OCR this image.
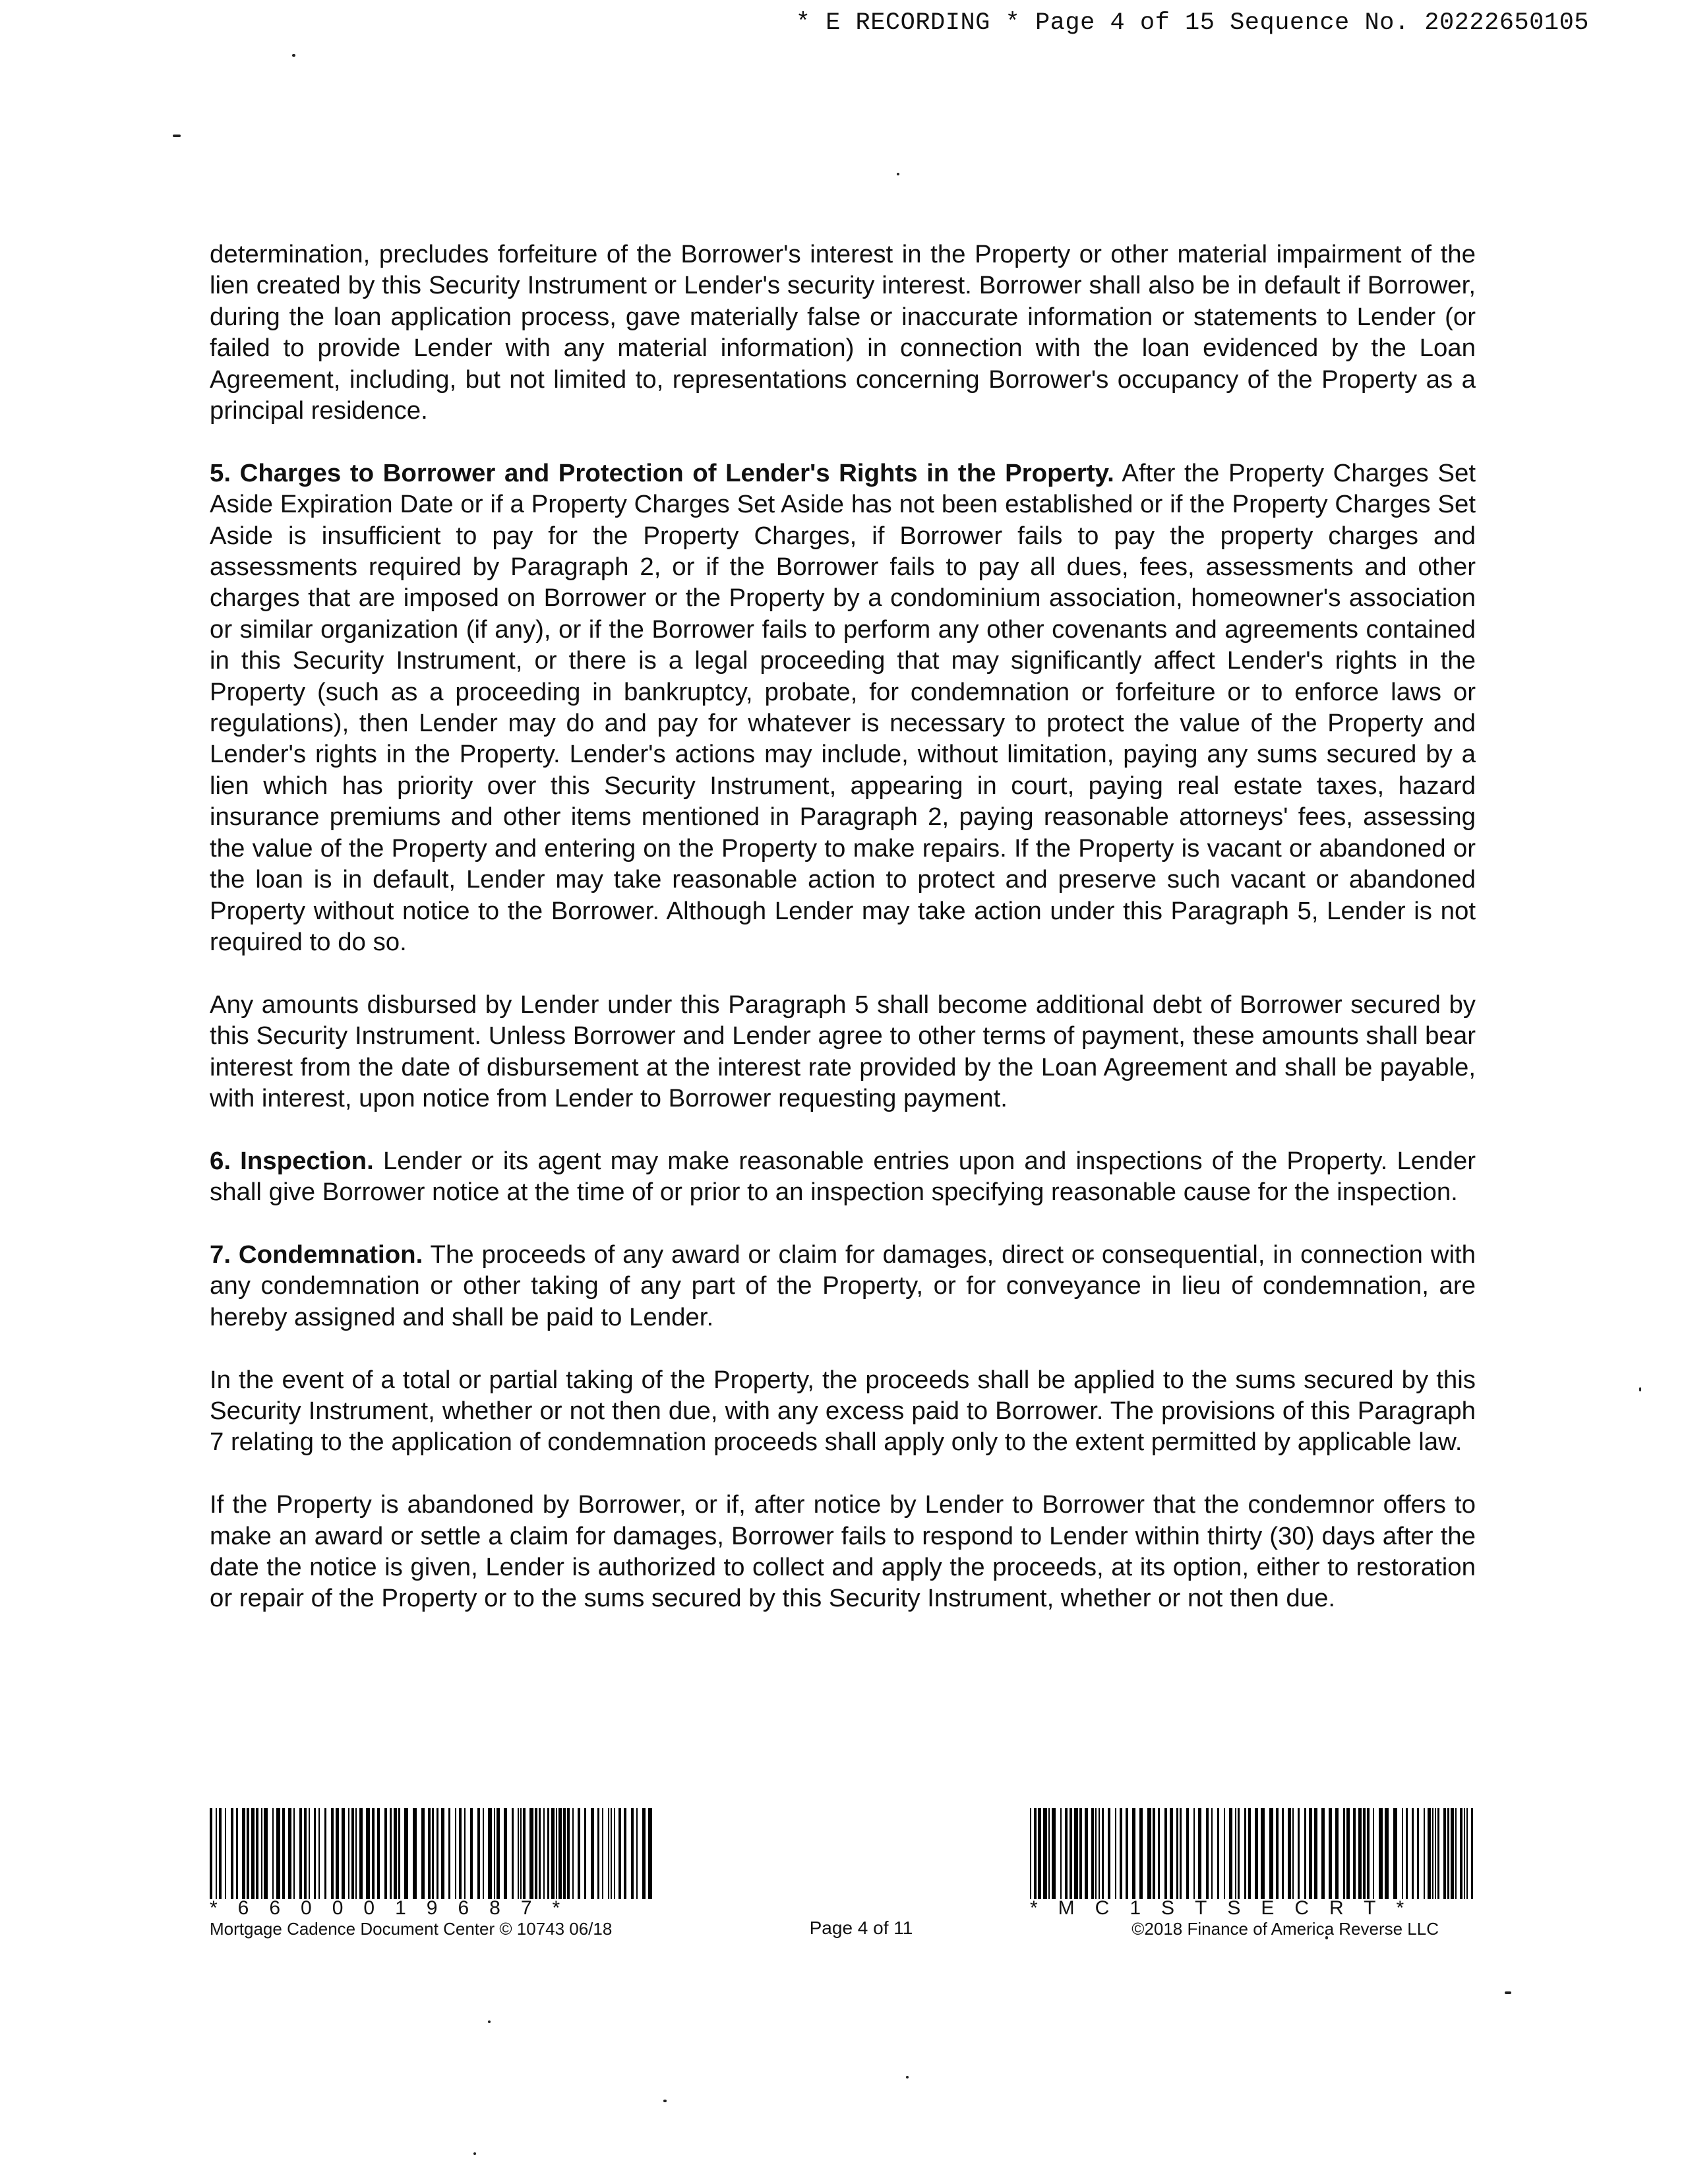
* E RECORDING * Page 4 of 15 Sequence No. 20222650105

determination, precludes forfeiture of the Borrower's interest in the Property or other material impairment of the lien created by this Security Instrument or Lender's security interest. Borrower shall also be in default if Borrower, during the loan application process, gave materially false or inaccurate information or statements to Lender (or failed to provide Lender with any material information) in connection with the loan evidenced by the Loan Agreement, including, but not limited to, representations concerning Borrower's occupancy of the Property as a principal residence.

5. Charges to Borrower and Protection of Lender's Rights in the Property. After the Property Charges Set Aside Expiration Date or if a Property Charges Set Aside has not been established or if the Property Charges Set Aside is insufficient to pay for the Property Charges, if Borrower fails to pay the property charges and assessments required by Paragraph 2, or if the Borrower fails to pay all dues, fees, assessments and other charges that are imposed on Borrower or the Property by a condominium association, homeowner's association or similar organization (if any), or if the Borrower fails to perform any other covenants and agreements contained in this Security Instrument, or there is a legal proceeding that may significantly affect Lender's rights in the Property (such as a proceeding in bankruptcy, probate, for condemnation or forfeiture or to enforce laws or regulations), then Lender may do and pay for whatever is necessary to protect the value of the Property and Lender's rights in the Property. Lender's actions may include, without limitation, paying any sums secured by a lien which has priority over this Security Instrument, appearing in court, paying real estate taxes, hazard insurance premiums and other items mentioned in Paragraph 2, paying reasonable attorneys' fees, assessing the value of the Property and entering on the Property to make repairs. If the Property is vacant or abandoned or the loan is in default, Lender may take reasonable action to protect and preserve such vacant or abandoned Property without notice to the Borrower. Although Lender may take action under this Paragraph 5, Lender is not required to do so.

Any amounts disbursed by Lender under this Paragraph 5 shall become additional debt of Borrower secured by this Security Instrument. Unless Borrower and Lender agree to other terms of payment, these amounts shall bear interest from the date of disbursement at the interest rate provided by the Loan Agreement and shall be payable, with interest, upon notice from Lender to Borrower requesting payment.

6. Inspection. Lender or its agent may make reasonable entries upon and inspections of the Property. Lender shall give Borrower notice at the time of or prior to an inspection specifying reasonable cause for the inspection.

7. Condemnation. The proceeds of any award or claim for damages, direct or consequential, in connection with any condemnation or other taking of any part of the Property, or for conveyance in lieu of condemnation, are hereby assigned and shall be paid to Lender.

In the event of a total or partial taking of the Property, the proceeds shall be applied to the sums secured by this Security Instrument, whether or not then due, with any excess paid to Borrower. The provisions of this Paragraph 7 relating to the application of condemnation proceeds shall apply only to the extent permitted by applicable law.

If the Property is abandoned by Borrower, or if, after notice by Lender to Borrower that the condemnor offers to make an award or settle a claim for damages, Borrower fails to respond to Lender within thirty (30) days after the date the notice is given, Lender is authorized to collect and apply the proceeds, at its option, either to restoration or repair of the Property or to the sums secured by this Security Instrument, whether or not then due.

*6600019687*
Mortgage Cadence Document Center © 10743 06/18	Page 4 of 11
*MC1STSECRT*
©2018 Finance of America Reverse LLC
